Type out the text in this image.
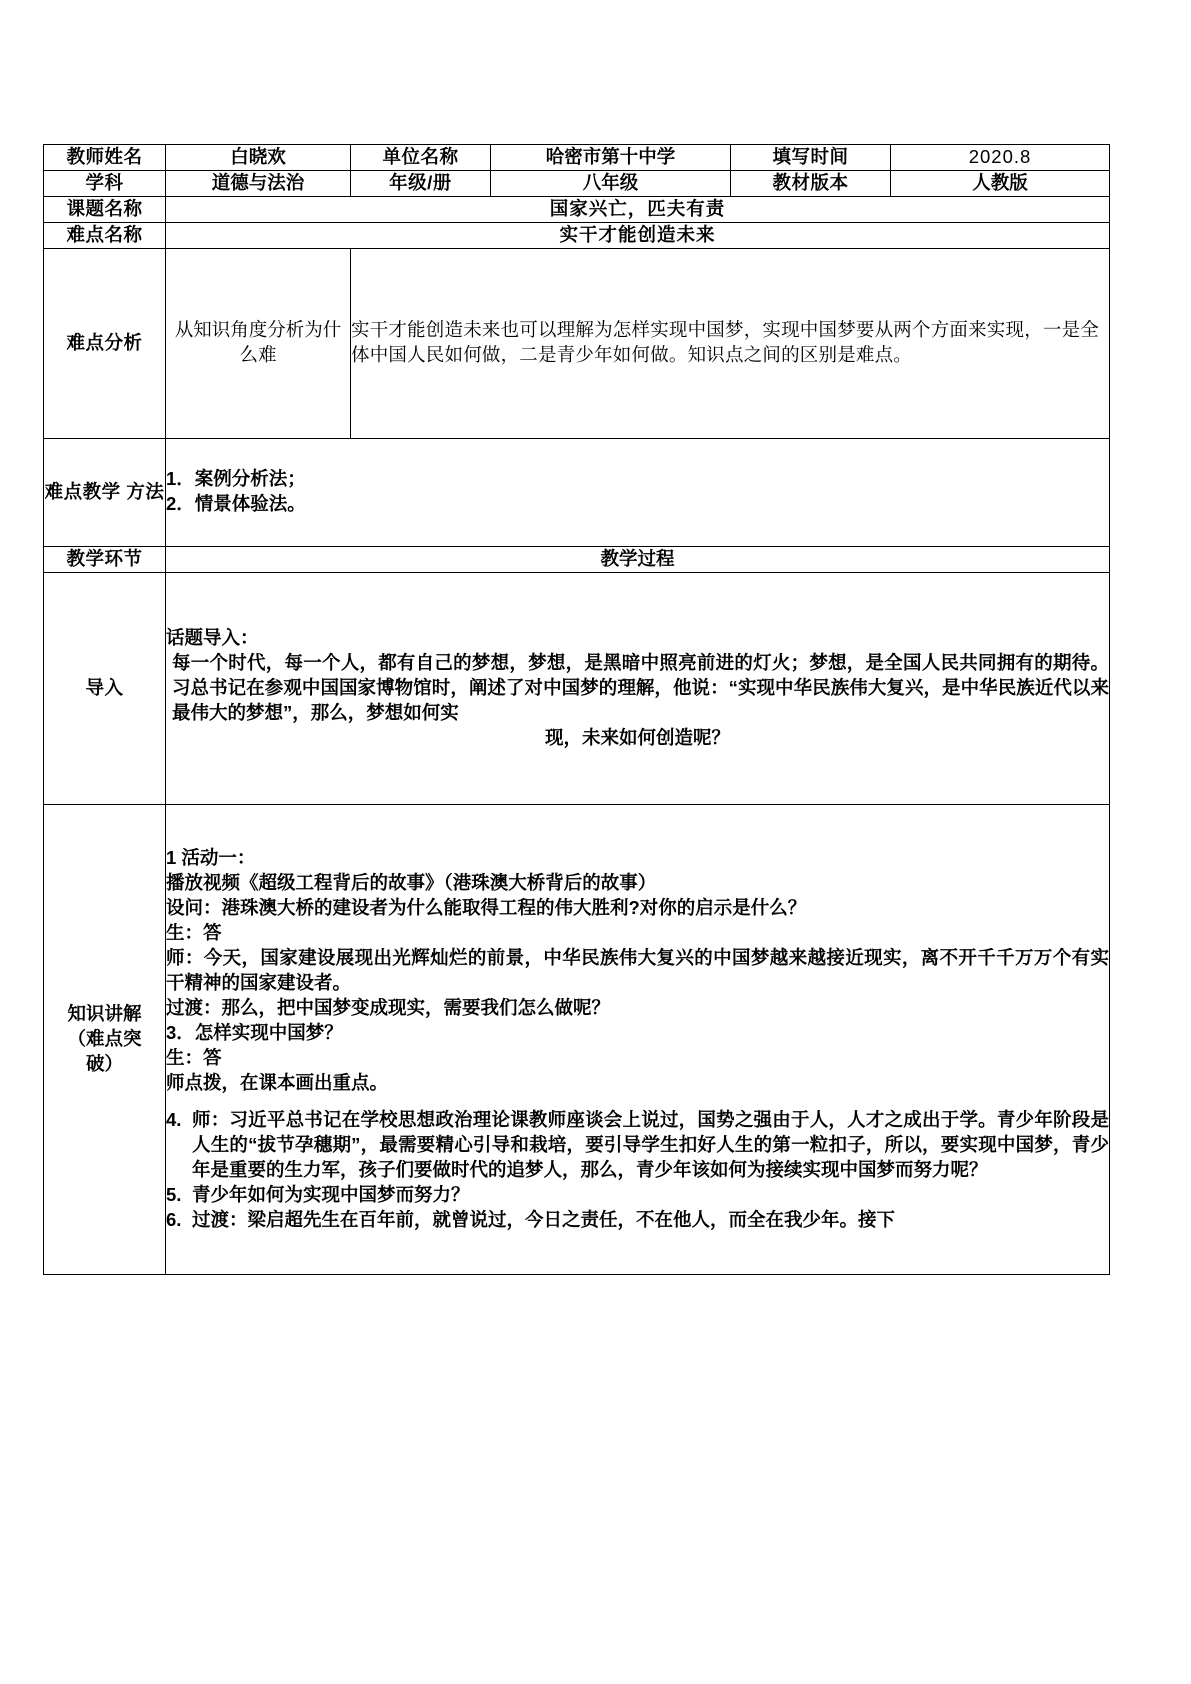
教师姓名	白晓欢	单位名称	哈密市第十中学	填写时间	2020.8
学科	道德与法治	年级/册	八年级	教材版本	人教版
课题名称	国家兴亡，匹夫有责				
难点名称	实干才能创造未来				
难点分析	从知识角度分析为什么难	实干才能创造未来也可以理解为怎样实现中国梦，实现中国梦要从两个方面来实现，一是全体中国人民如何做，二是青少年如何做。知识点之间的区别是难点。			
难点教学 方法	1．案例分析法；
2．情景体验法。				

教学环节	教学过程				
导入	话题导入：
每一个时代，每一个人，都有自己的梦想，梦想，是黑暗中照亮前进的灯火；梦想，是全国人民共同拥有的期待。习总书记在参观中国国家博物馆时，阐述了对中国梦的理解，他说：“实现中华民族伟大复兴，是中华民族近代以来最伟大的梦想”，那么，梦想如何实
现，未来如何创造呢？				

知识讲解
（难点突
破）

1 活动一：
播放视频《超级工程背后的故事》（港珠澳大桥背后的故事）
设问：港珠澳大桥的建设者为什么能取得工程的伟大胜利?对你的启示是什么？
生：答
师：今天，国家建设展现出光辉灿烂的前景，中华民族伟大复兴的中国梦越来越接近现实，离不开千千万万个有实干精神的国家建设者。
过渡：那么，把中国梦变成现实，需要我们怎么做呢？
3．怎样实现中国梦？
生：答
师点拨，在课本画出重点。
4. 师：习近平总书记在学校思想政治理论课教师座谈会上说过，国势之强由于人，人才之成出于学。青少年阶段是人生的“拔节孕穗期”，最需要精心引导和栽培，要引导学生扣好人生的第一粒扣子，所以，要实现中国梦，青少年是重要的生力军，孩子们要做时代的追梦人，那么，青少年该如何为接续实现中国梦而努力呢？
5. 青少年如何为实现中国梦而努力？
6. 过渡：梁启超先生在百年前，就曾说过，今日之责任，不在他人，而全在我少年。接下
